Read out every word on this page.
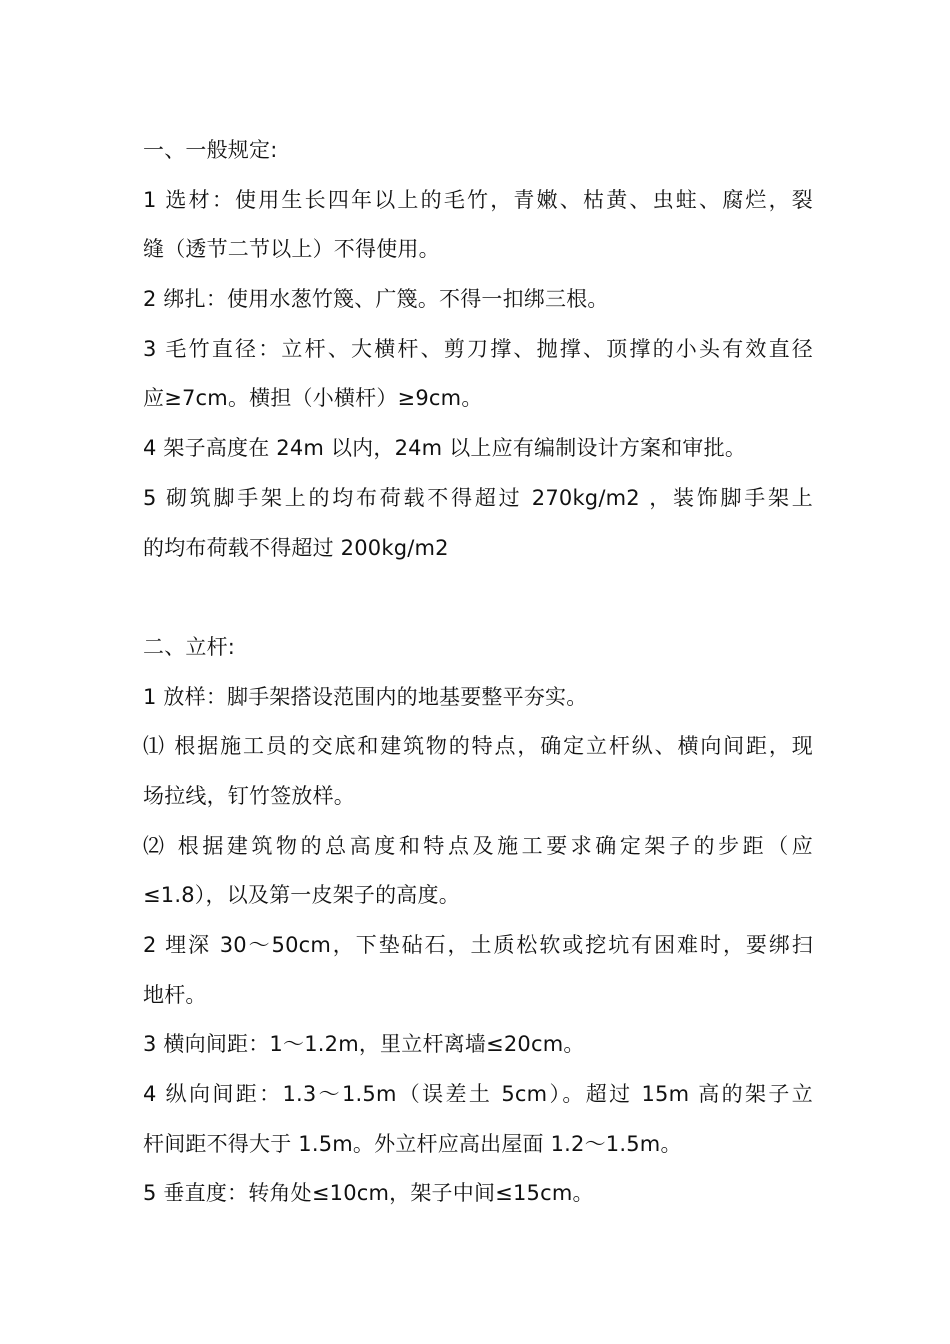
一、一般规定:
1 选材：使用生长四年以上的毛竹，青嫩、枯黄、虫蛀、腐烂，裂
缝（透节二节以上）不得使用。
2 绑扎：使用水葱竹篾、广篾。不得一扣绑三根。
3 毛竹直径：立杆、大横杆、剪刀撑、抛撑、顶撑的小头有效直径
应≥7cm。横担（小横杆）≥9cm。
4 架子高度在 24m 以内，24m 以上应有编制设计方案和审批。
5 砌筑脚手架上的均布荷载不得超过 270kg/m2 ，装饰脚手架上
的均布荷载不得超过 200kg/m2
二、立杆:
1 放样：脚手架搭设范围内的地基要整平夯实。
⑴ 根据施工员的交底和建筑物的特点，确定立杆纵、横向间距，现
场拉线，钉竹签放样。
⑵ 根据建筑物的总高度和特点及施工要求确定架子的步距（应
≤1.8），以及第一皮架子的高度。
2 埋深 30～50cm，下垫砧石，土质松软或挖坑有困难时，要绑扫
地杆。
3 横向间距：1～1.2m，里立杆离墙≤20cm。
4 纵向间距：1.3～1.5m（误差土 5cm）。超过 15m 高的架子立
杆间距不得大于 1.5m。外立杆应高出屋面 1.2～1.5m。
5 垂直度：转角处≤10cm，架子中间≤15cm。
